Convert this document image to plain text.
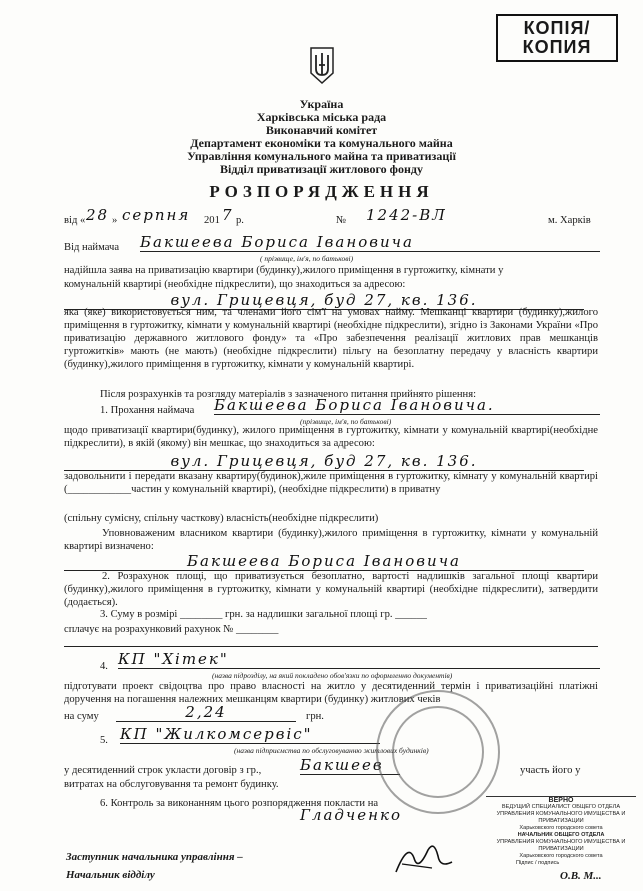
КОПІЯ/
КОПИЯ
Україна
Харківська міська рада
Виконавчий комітет
Департамент економіки та комунального майна
Управління комунального майна та приватизації
Відділ приватизації житлового фонду
РОЗПОРЯДЖЕННЯ
від « 28 » серпня 201 7 р.	№ 1242-ВЛ	м. Харків
Від наймача Бакшеева Бориса Івановича
( прізвище, ім'я, по батькові)
надійшла заява на приватизацію квартири (будинку),жилого приміщення в гуртожитку, кімнати у
комунальній квартирі (необхідне підкреслити), що знаходиться за адресою:
вул. Грицевця, буд 27, кв. 136.
яка (яке) використовується ним, та членами його сім'ї на умовах найму. Мешканці квартири (будинку),жилого приміщення в гуртожитку, кімнати у комунальній квартирі (необхідне підкреслити), згідно із Законами України «Про приватизацію державного житлового фонду» та «Про забезпечення реалізації житлових прав мешканців гуртожитків» мають (не мають) (необхідне підкреслити) пільгу на безоплатну передачу у власність квартири (будинку),жилого приміщення в гуртожитку, кімнати у комунальній квартирі.
Після розрахунків та розгляду матеріалів з зазначеного питання прийнято рішення:
1. Прохання наймача Бакшеева Бориса Івановича.
(прізвище, ім'я, по батькові)
щодо приватизації квартири(будинку), жилого приміщення в гуртожитку, кімнати у комунальній квартирі(необхідне підкреслити), в якій (якому) він мешкає, що знаходиться за адресою:
вул. Грицевця, буд 27, кв. 136.
задовольнити і передати вказану квартиру(будинок),жиле приміщення в гуртожитку, кімнату у комунальній квартирі (____________частин у комунальній квартирі), (необхідне підкреслити) в приватну
(спільну сумісну, спільну часткову) власність(необхідне підкреслити)
Уповноваженим власником квартири (будинку),жилого приміщення в гуртожитку, кімнати у комунальній квартирі визначено:
Бакшеева Бориса Івановича
2. Розрахунок площі, що приватизується безоплатно, вартості надлишків загальної площі квартири (будинку),жилого приміщення в гуртожитку, кімнати у комунальній квартирі (необхідне підкреслити), затвердити (додається).
3. Суму в розмірі ________ грн. за надлишки загальної площі гр. ______
сплачує на розрахунковий рахунок № ________
4. КП "Хітек"
(назва підрозділу, на який покладено обов'язки по оформленню документів)
підготувати проект свідоцтва про право власності на житло у десятиденний термін і приватизаційні платіжні доручення на погашення належних мешканцям квартири (будинку) житлових чеків
на суму	2,24	грн.
5. КП "Жилкомсервіс"
(назва підприємства по обслуговуванню житлових будинків)
у десятиденний строк укласти договір з гр.,	Бакшеев	участь його у
витратах на обслуговування та ремонт будинку.
6. Контроль за виконанням цього розпорядження покласти на
Гладченко
ВЕРНО
ВЕДУЩИЙ СПЕЦИАЛИСТ ОБЩЕГО ОТДЕЛА
УПРАВЛЕНИЯ КОМУНАЛЬНОГО ИМУЩЕСТВА И ПРИВАТИЗАЦИИ
Харьковского городского совета
НАЧАЛЬНИК ОБЩЕГО ОТДЕЛА
УПРАВЛЕНИЯ КОМУНАЛЬНОГО ИМУЩЕСТВА И ПРИВАТИЗАЦИИ
Харьковского городского совета
Підпис / подпись
Заступник начальника управління –
Начальник відділу	О.В. М...
